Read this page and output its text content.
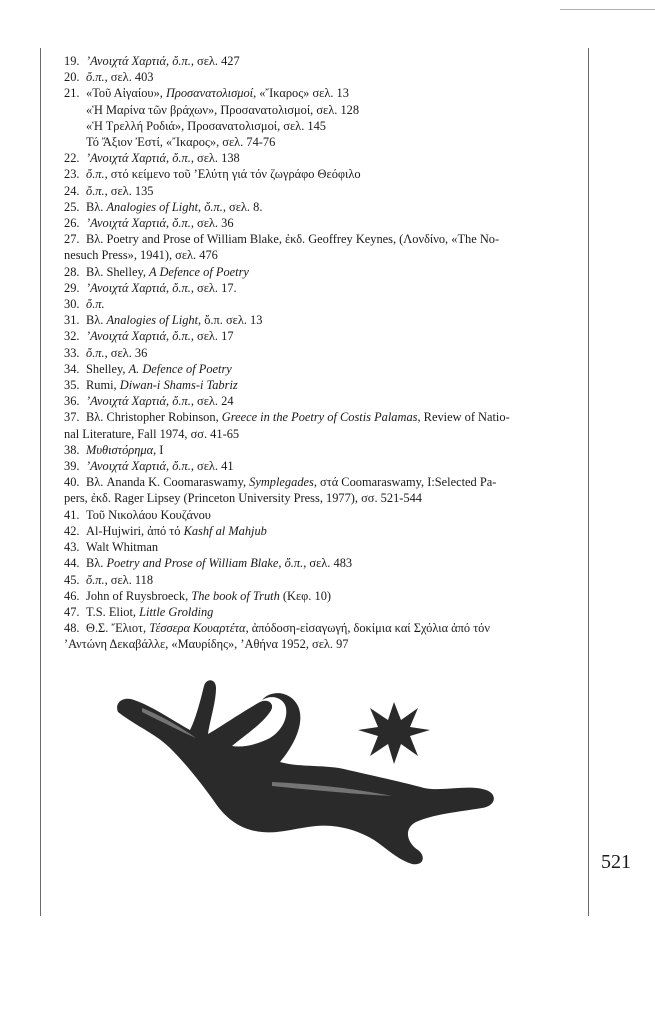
19. ’Ανοιχτά Χαρτιά, ὄ.π., σελ. 427
20. ὄ.π., σελ. 403
21. «Τοῦ Αἰγαίου», Προσανατολισμοί, «Ἴκαρος» σελ. 13
«Ἡ Μαρίνα τῶν βράχων», Προσανατολισμοί, σελ. 128
«Ἡ Τρελλή Ροδιά», Προσανατολισμοί, σελ. 145
Τό Ἄξιον Ἐστί, «Ἴκαρος», σελ. 74-76
22. ’Ανοιχτά Χαρτιά, ὄ.π., σελ. 138
23. ὄ.π., στό κείμενο τοῦ ’Ελύτη γιά τόν ζωγράφο Θεόφιλο
24. ὄ.π., σελ. 135
25. Βλ. Analogies of Light, ὄ.π., σελ. 8.
26. ’Ανοιχτά Χαρτιά, ὄ.π., σελ. 36
27. Βλ. Poetry and Prose of William Blake, ἐκδ. Geoffrey Keynes, (Λονδίνο, «The No-
nesuch Press», 1941), σελ. 476
28. Βλ. Shelley, A Defence of Poetry
29. ’Ανοιχτά Χαρτιά, ὄ.π., σελ. 17.
30. ὄ.π.
31. Βλ. Analogies of Light, ὄ.π. σελ. 13
32. ’Ανοιχτά Χαρτιά, ὄ.π., σελ. 17
33. ὄ.π., σελ. 36
34. Shelley, A. Defence of Poetry
35. Rumi, Diwan-i Shams-i Tabriz
36. ’Ανοιχτά Χαρτιά, ὄ.π., σελ. 24
37. Βλ. Christopher Robinson, Greece in the Poetry of Costis Palamas, Review of Natio-
nal Literature, Fall 1974, σσ. 41-65
38. Μυθιστόρημα, Ι
39. ’Ανοιχτά Χαρτιά, ὄ.π., σελ. 41
40. Βλ. Ananda K. Coomaraswamy, Symplegades, στά Coomaraswamy, I:Selected Pa-
pers, ἐκδ. Rager Lipsey (Princeton University Press, 1977), σσ. 521-544
41. Τοῦ Νικολάου Κουζάνου
42. Al-Hujwiri, ἀπό τό Kashf al Mahjub
43. Walt Whitman
44. Βλ. Poetry and Prose of William Blake, ὄ.π., σελ. 483
45. ὄ.π., σελ. 118
46. John of Ruysbroeck, The book of Truth (Κεφ. 10)
47. T.S. Eliot, Little Grolding
48. Θ.Σ. Ἔλιοτ, Τέσσερα Κουαρτέτα, ἀπόδοση-εἰσαγωγή, δοκίμια καί Σχόλια ἀπό τόν
’Αντώνη Δεκαβάλλε, «Μαυρίδης», ’Αθήνα 1952, σελ. 97
521
